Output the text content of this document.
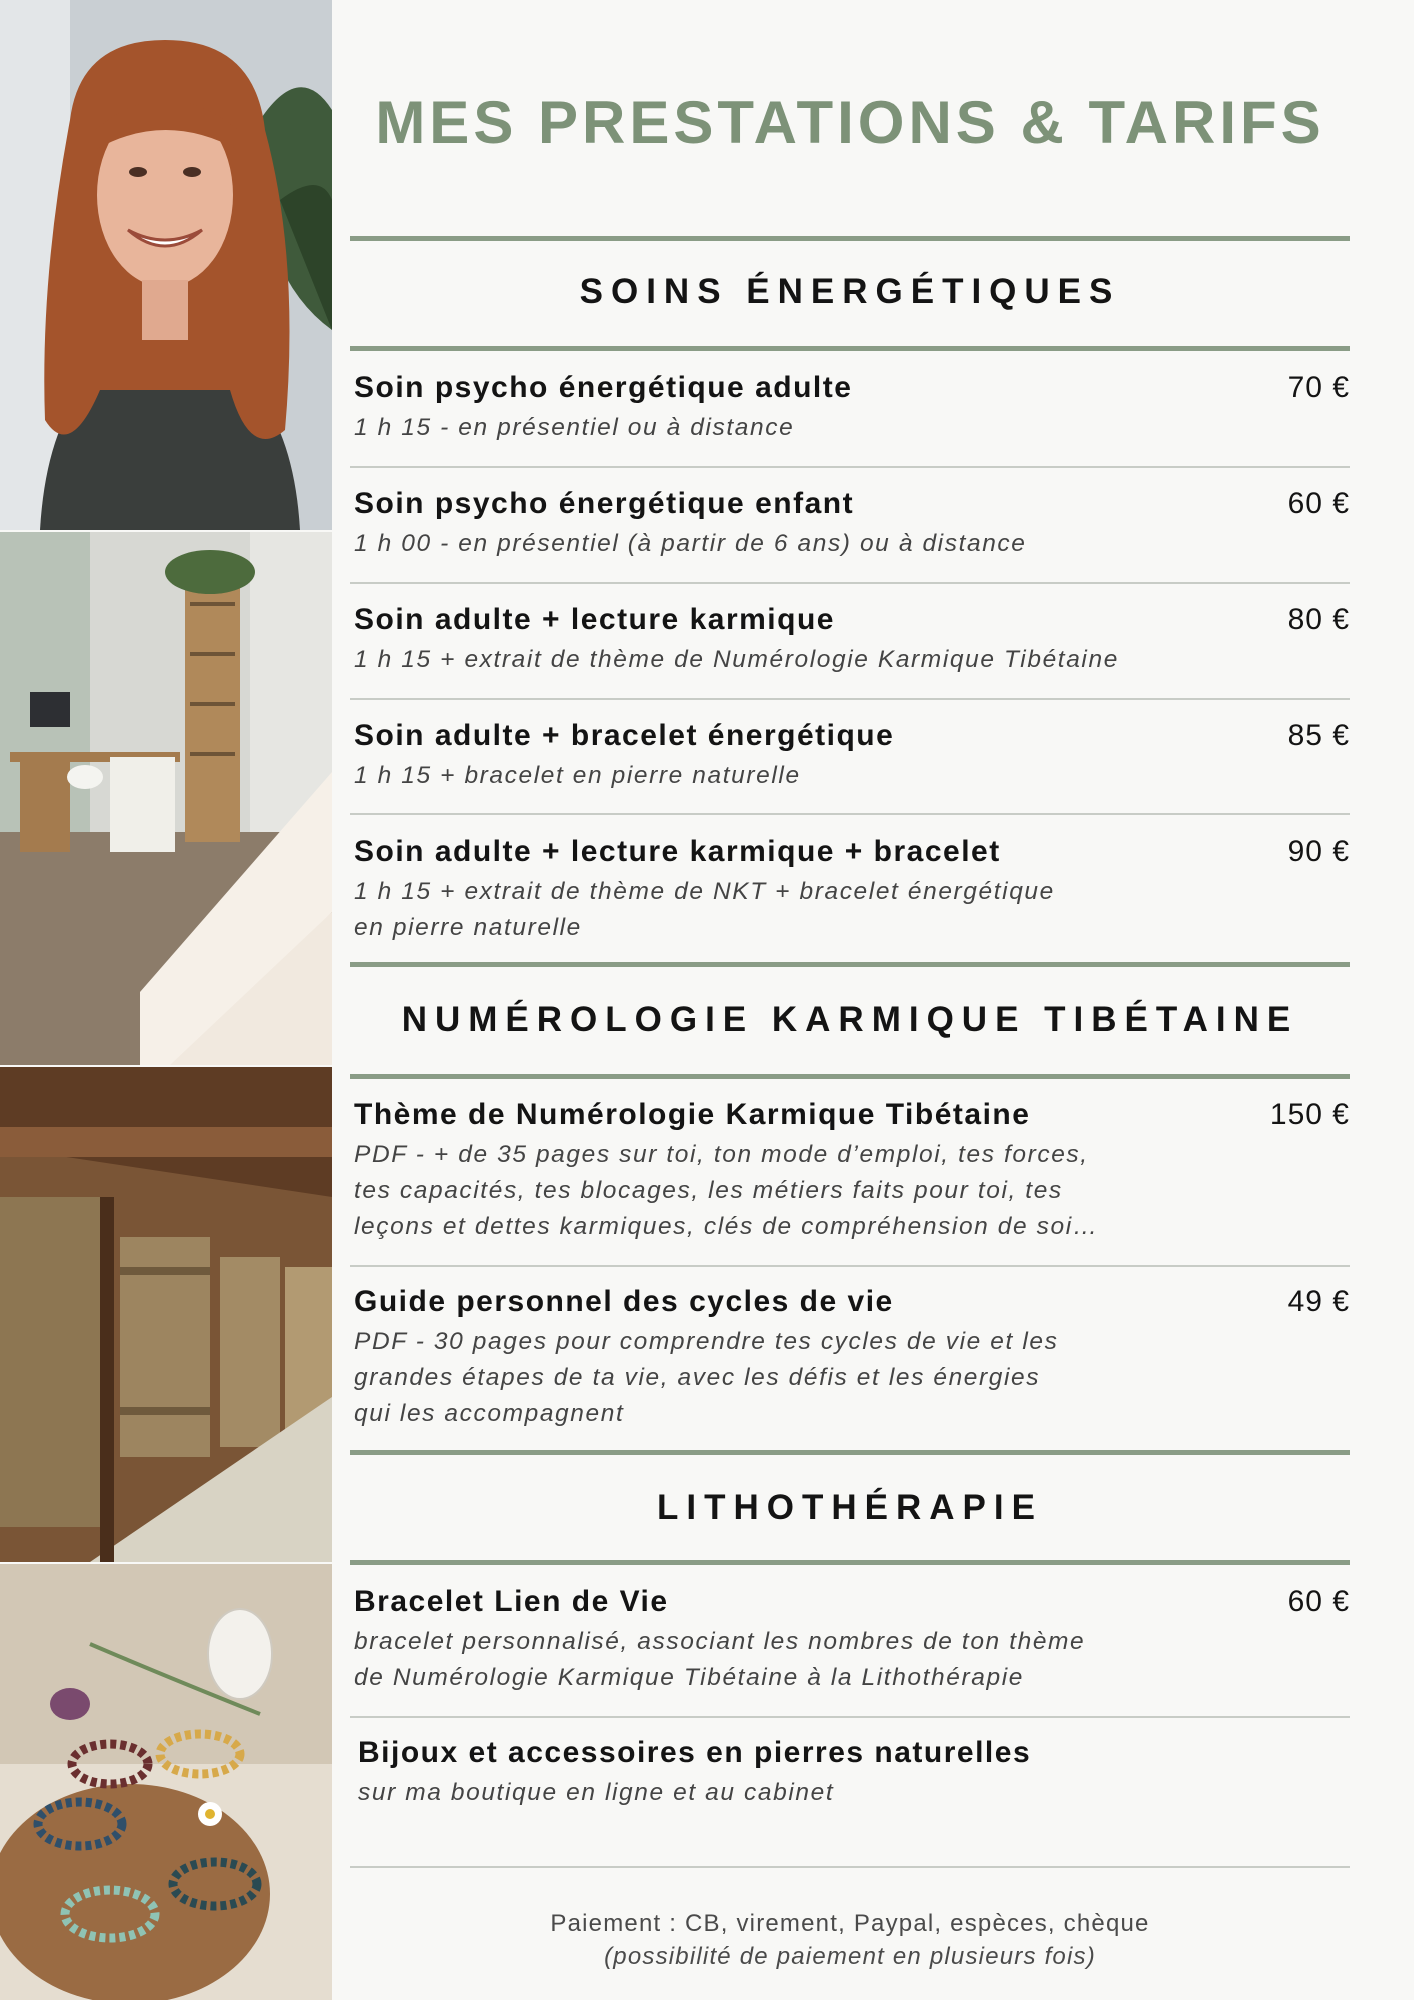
MES PRESTATIONS & TARIFS
SOINS ÉNERGÉTIQUES
Soin psycho énergétique adulte	70 €
1 h 15 - en présentiel ou à distance
Soin psycho énergétique enfant	60 €
1 h 00 - en présentiel (à partir de 6 ans) ou à distance
Soin adulte + lecture karmique	80 €
1 h 15 + extrait de thème de Numérologie Karmique Tibétaine
Soin adulte + bracelet énergétique	85 €
1 h 15 + bracelet en pierre naturelle
Soin adulte + lecture karmique + bracelet	90 €
1 h 15 + extrait de thème de NKT + bracelet énergétique
en pierre naturelle
NUMÉROLOGIE KARMIQUE TIBÉTAINE
Thème de Numérologie Karmique Tibétaine	150 €
PDF - + de 35 pages sur toi, ton mode d’emploi, tes forces,
tes capacités, tes blocages, les métiers faits pour toi, tes
leçons et dettes karmiques, clés de compréhension de soi…
Guide personnel des cycles de vie	49 €
PDF - 30 pages pour comprendre tes cycles de vie et les
grandes étapes de ta vie, avec les défis et les énergies
qui les accompagnent
LITHOTHÉRAPIE
Bracelet Lien de Vie	60 €
bracelet personnalisé, associant les nombres de ton thème
de Numérologie Karmique Tibétaine à la Lithothérapie
Bijoux et accessoires en pierres naturelles
sur ma boutique en ligne et au cabinet
Paiement : CB, virement, Paypal, espèces, chèque
(possibilité de paiement en plusieurs fois)
